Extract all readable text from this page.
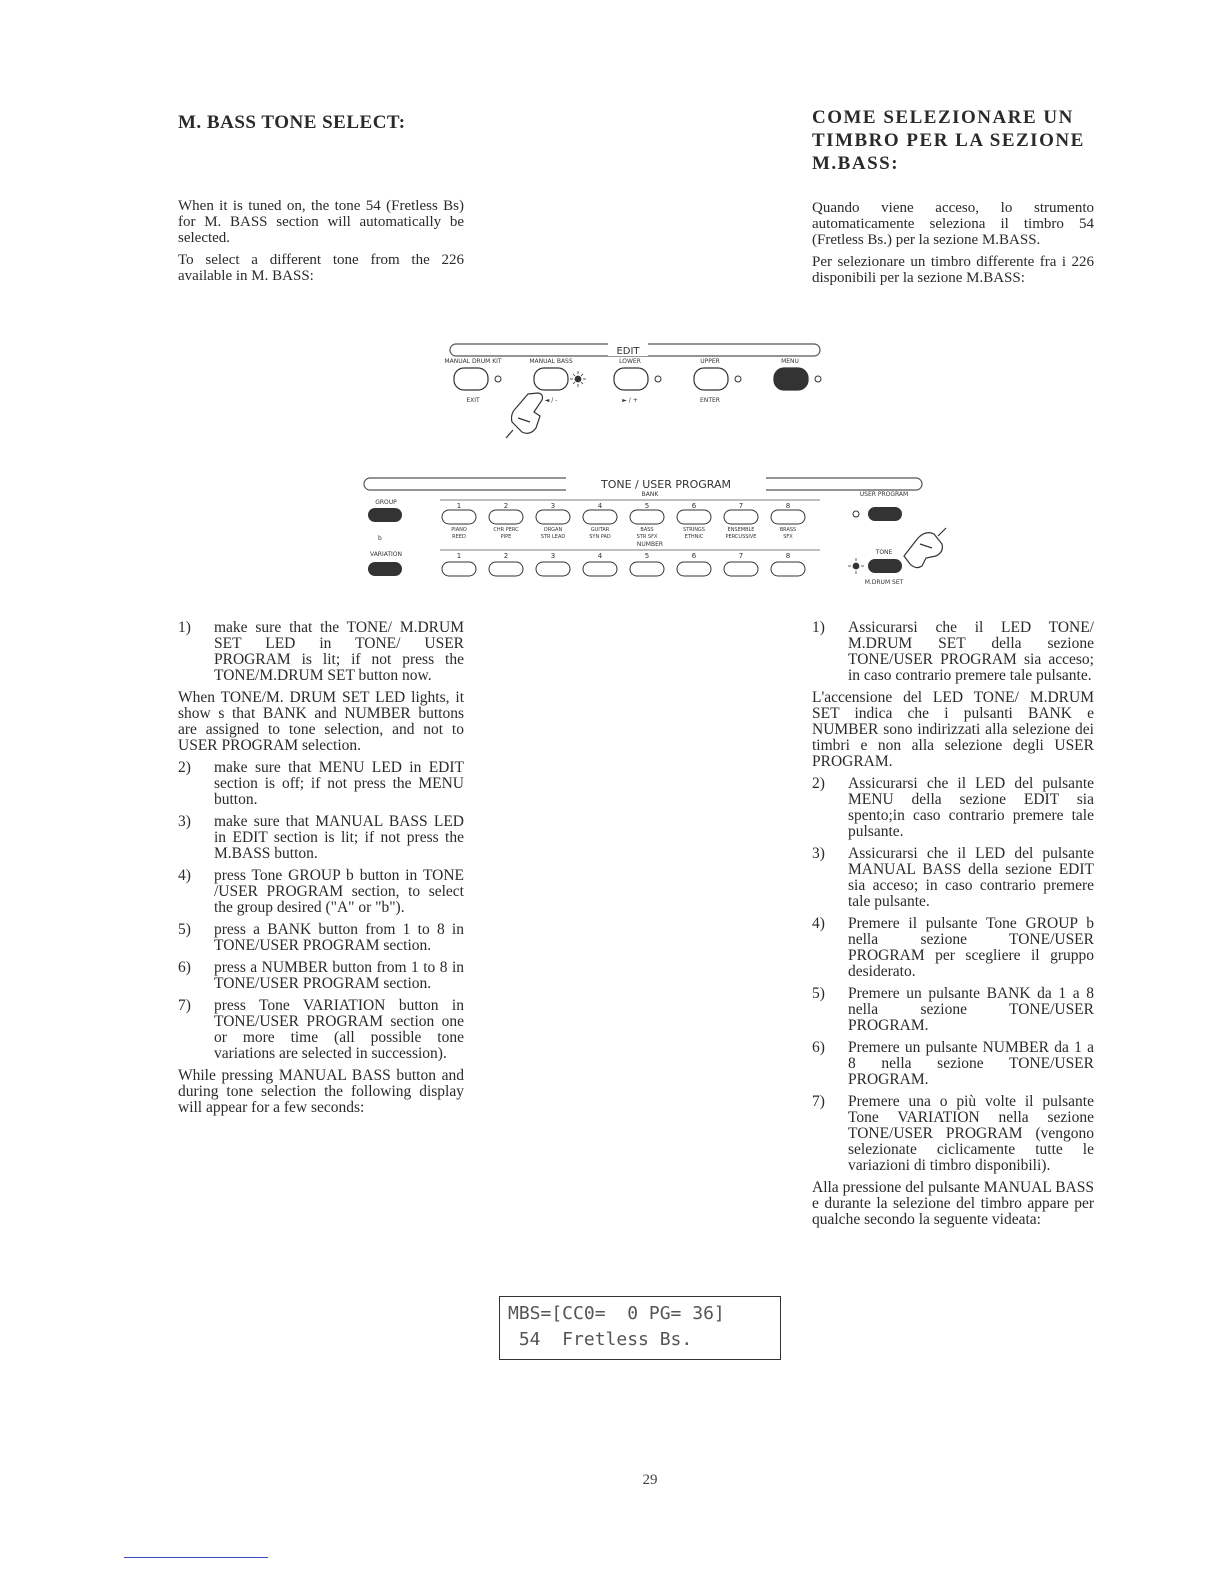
M. BASS TONE SELECT:

When it is tuned on, the tone 54 (Fretless Bs) for M. BASS section will automatically be selected.

To select a different tone from the 226 available in M. BASS:

1)	make sure that the TONE/ M.DRUM SET LED in TONE/ USER PROGRAM is lit; if not press the TONE/M.DRUM SET button now.

When TONE/M. DRUM SET LED lights, it show s that BANK and NUMBER buttons are assigned to tone selection, and not to USER PROGRAM selection.

2)	make sure that MENU LED in EDIT section is off; if not press the MENU button.
3)	make sure that MANUAL BASS LED in EDIT section is lit; if not press the M.BASS button.
4)	press Tone GROUP b button in TONE /USER PROGRAM section, to select the group desired ("A" or "b").
5)	press a BANK button from 1 to 8 in TONE/USER PROGRAM section.
6)	press a NUMBER button from 1 to 8 in TONE/USER PROGRAM section.
7)	press Tone VARIATION button in TONE/USER PROGRAM section one or more time (all possible tone variations are selected in succession).

While pressing MANUAL BASS button and during tone selection the following display will appear for a few seconds:

COME SELEZIONARE UN TIMBRO PER LA SEZIONE M.BASS:

Quando viene acceso, lo strumento automaticamente seleziona il timbro 54 (Fretless Bs.) per la sezione M.BASS.

Per selezionare un timbro differente fra i 226 disponibili per la sezione M.BASS:

1)	Assicurarsi che il LED TONE/ M.DRUM SET della sezione TONE/USER PROGRAM sia acceso; in caso contrario premere tale pulsante.

L'accensione del LED TONE/ M.DRUM SET indica che i pulsanti BANK e NUMBER sono indirizzati alla selezione dei timbri e non alla selezione degli USER PROGRAM.

2)	Assicurarsi che il LED del pulsante MENU della sezione EDIT sia spento;in caso contrario premere tale pulsante.
3)	Assicurarsi che il LED del pulsante MANUAL BASS della sezione EDIT sia acceso; in caso contrario premere tale pulsante.
4)	Premere il pulsante Tone GROUP b nella sezione TONE/USER PROGRAM per scegliere il gruppo desiderato.
5)	Premere un pulsante BANK da 1 a 8 nella sezione TONE/USER PROGRAM.
6)	Premere un pulsante NUMBER da 1 a 8 nella sezione TONE/USER PROGRAM.
7)	Premere una o più volte il pulsante Tone VARIATION nella sezione TONE/USER PROGRAM (vengono selezionate ciclicamente tutte le variazioni di timbro disponibili).

Alla pressione del pulsante MANUAL BASS e durante la selezione del timbro appare per qualche secondo la seguente videata:

EDIT
MANUAL DRUM KIT
EXIT
MANUAL BASS
◄ / -
LOWER
► / +
UPPER
ENTER
MENU
TONE / USER PROGRAM
GROUP
b
VARIATION
BANK
NUMBER
1	2	3	4	5	6	7	8
PIANO
REED
CHR PERC
PIPE
ORGAN
STR LEAD
GUITAR
SYN PAD
BASS
STR SFX
STRINGS
ETHNIC
ENSEMBLE
PERCUSSIVE
BRASS
SFX
1	2	3	4	5	6	7	8
USER PROGRAM
TONE
M.DRUM SET
MBS=[CC0=  0 PG= 36]
54  Fretless Bs.
29
